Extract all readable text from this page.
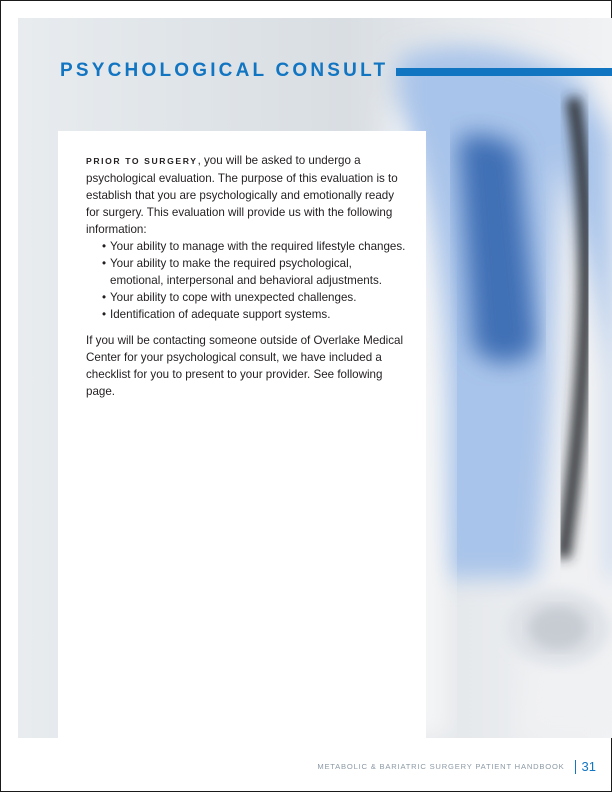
PSYCHOLOGICAL CONSULT

PRIOR TO SURGERY, you will be asked to undergo a psychological evaluation. The purpose of this evaluation is to establish that you are psychologically and emotionally ready for surgery. This evaluation will provide us with the following information:

• Your ability to manage with the required lifestyle changes.
• Your ability to make the required psychological, emotional, interpersonal and behavioral adjustments.
• Your ability to cope with unexpected challenges.
• Identification of adequate support systems.

If you will be contacting someone outside of Overlake Medical Center for your psychological consult, we have included a checklist for you to present to your provider. See following page.

METABOLIC & BARIATRIC SURGERY PATIENT HANDBOOK 31
